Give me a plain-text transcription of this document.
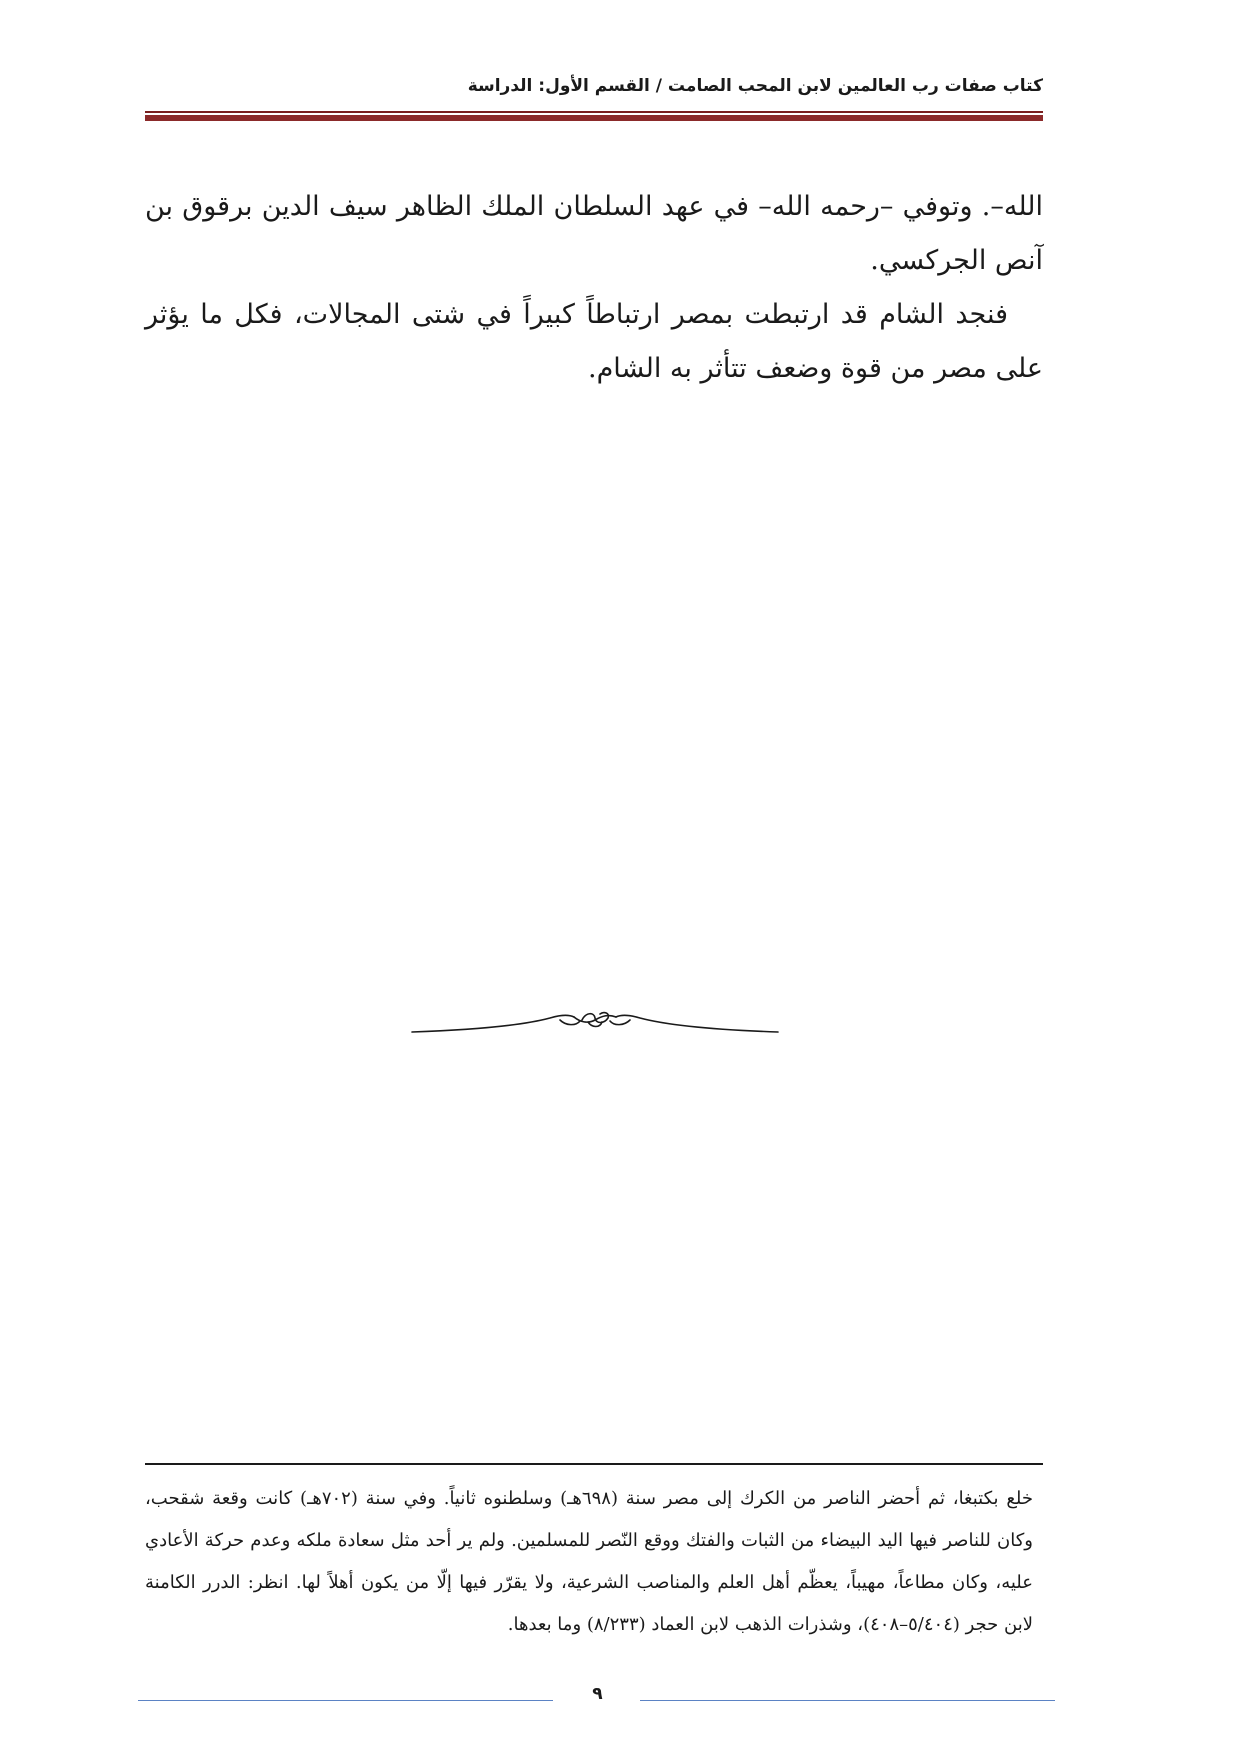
كتاب صفات رب العالمين لابن المحب الصامت / القسم الأول: الدراسة

الله–. وتوفي –رحمه الله– في عهد السلطان الملك الظاهر سيف الدين برقوق بن آنص الجركسي.

فنجد الشام قد ارتبطت بمصر ارتباطاً كبيراً في شتى المجالات، فكل ما يؤثر على مصر من قوة وضعف تتأثر به الشام.

خلع بكتبغا، ثم أحضر الناصر من الكرك إلى مصر سنة (٦٩٨هـ) وسلطنوه ثانياً. وفي سنة (٧٠٢هـ) كانت وقعة شقحب، وكان للناصر فيها اليد البيضاء من الثبات والفتك ووقع النّصر للمسلمين. ولم ير أحد مثل سعادة ملكه وعدم حركة الأعادي عليه، وكان مطاعاً، مهيباً، يعظّم أهل العلم والمناصب الشرعية، ولا يقرّر فيها إلّا من يكون أهلاً لها. انظر: الدرر الكامنة لابن حجر (٥/٤٠٤–٤٠٨)، وشذرات الذهب لابن العماد (٨/٢٣٣) وما بعدها.

٩
